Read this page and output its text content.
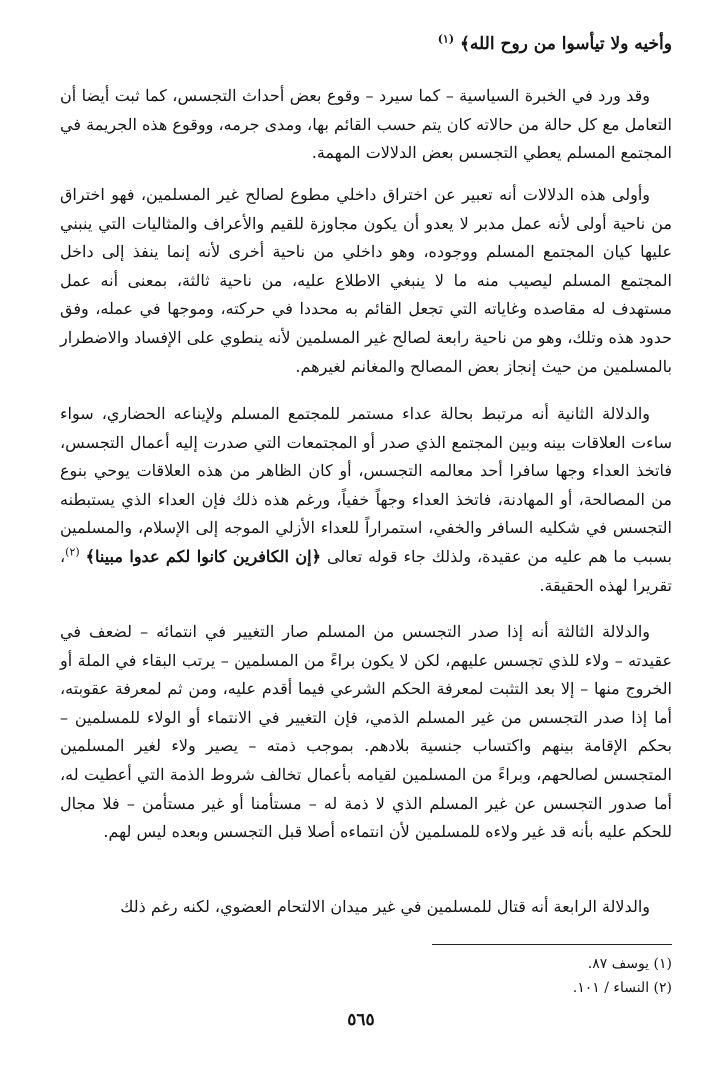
وأخيه ولا تيأسوا من روح الله﴾ $^{(١)}$

وقد ورد في الخبرة السياسية – كما سيرد – وقوع بعض أحداث التجسس، كما ثبت أيضا أن التعامل مع كل حالة من حالاته كان يتم حسب القائم بها، ومدى جرمه، ووقوع هذه الجريمة في المجتمع المسلم يعطي التجسس بعض الدلالات المهمة.

وأولى هذه الدلالات أنه تعبير عن اختراق داخلي مطوع لصالح غير المسلمين، فهو اختراق من ناحية أولى لأنه عمل مدبر لا يعدو أن يكون مجاوزة للقيم والأعراف والمثاليات التي ينبني عليها كيان المجتمع المسلم ووجوده، وهو داخلي من ناحية أخرى لأنه إنما ينفذ إلى داخل المجتمع المسلم ليصيب منه ما لا ينبغي الاطلاع عليه، من ناحية ثالثة، بمعنى أنه عمل مستهدف له مقاصده وغاياته التي تجعل القائم به محددا في حركته، وموجها في عمله، وفق حدود هذه وتلك، وهو من ناحية رابعة لصالح غير المسلمين لأنه ينطوي على الإفساد والاضطرار بالمسلمين من حيث إنجاز بعض المصالح والمغانم لغيرهم.

والدلالة الثانية أنه مرتبط بحالة عداء مستمر للمجتمع المسلم ولإيناعه الحضاري، سواء ساءت العلاقات بينه وبين المجتمع الذي صدر أو المجتمعات التي صدرت إليه أعمال التجسس، فاتخذ العداء وجها سافرا أحد معالمه التجسس، أو كان الظاهر من هذه العلاقات يوحي بنوع من المصالحة، أو المهادنة، فاتخذ العداء وجهاً خفياً، ورغم هذه ذلك فإن العداء الذي يستبطنه التجسس في شكليه السافر والخفي، استمراراً للعداء الأزلي الموجه إلى الإسلام، والمسلمين بسبب ما هم عليه من عقيدة، ولذلك جاء قوله تعالى ﴿إن الكافرين كانوا لكم عدوا مبينا﴾ $^{(٢)}$، تقريرا لهذه الحقيقة.

والدلالة الثالثة أنه إذا صدر التجسس من المسلم صار التغيير في انتمائه – لضعف في عقيدته – ولاء للذي تجسس عليهم، لكن لا يكون براءً من المسلمين – يرتب البقاء في الملة أو الخروج منها – إلا بعد التثبت لمعرفة الحكم الشرعي فيما أقدم عليه، ومن ثم لمعرفة عقوبته، أما إذا صدر التجسس من غير المسلم الذمي، فإن التغيير في الانتماء أو الولاء للمسلمين – بحكم الإقامة بينهم واكتساب جنسية بلادهم. بموجب ذمته – يصير ولاء لغير المسلمين المتجسس لصالحهم، وبراءً من المسلمين لقيامه بأعمال تخالف شروط الذمة التي أعطيت له، أما صدور التجسس عن غير المسلم الذي لا ذمة له – مستأمنا أو غير مستأمن – فلا مجال للحكم عليه بأنه قد غير ولاءه للمسلمين لأن انتماءه أصلا قبل التجسس وبعده ليس لهم.

والدلالة الرابعة أنه قتال للمسلمين في غير ميدان الالتحام العضوي، لكنه رغم ذلك

(١) يوسف ٨٧.
(٢) النساء / ١٠١.
٥٦٥
